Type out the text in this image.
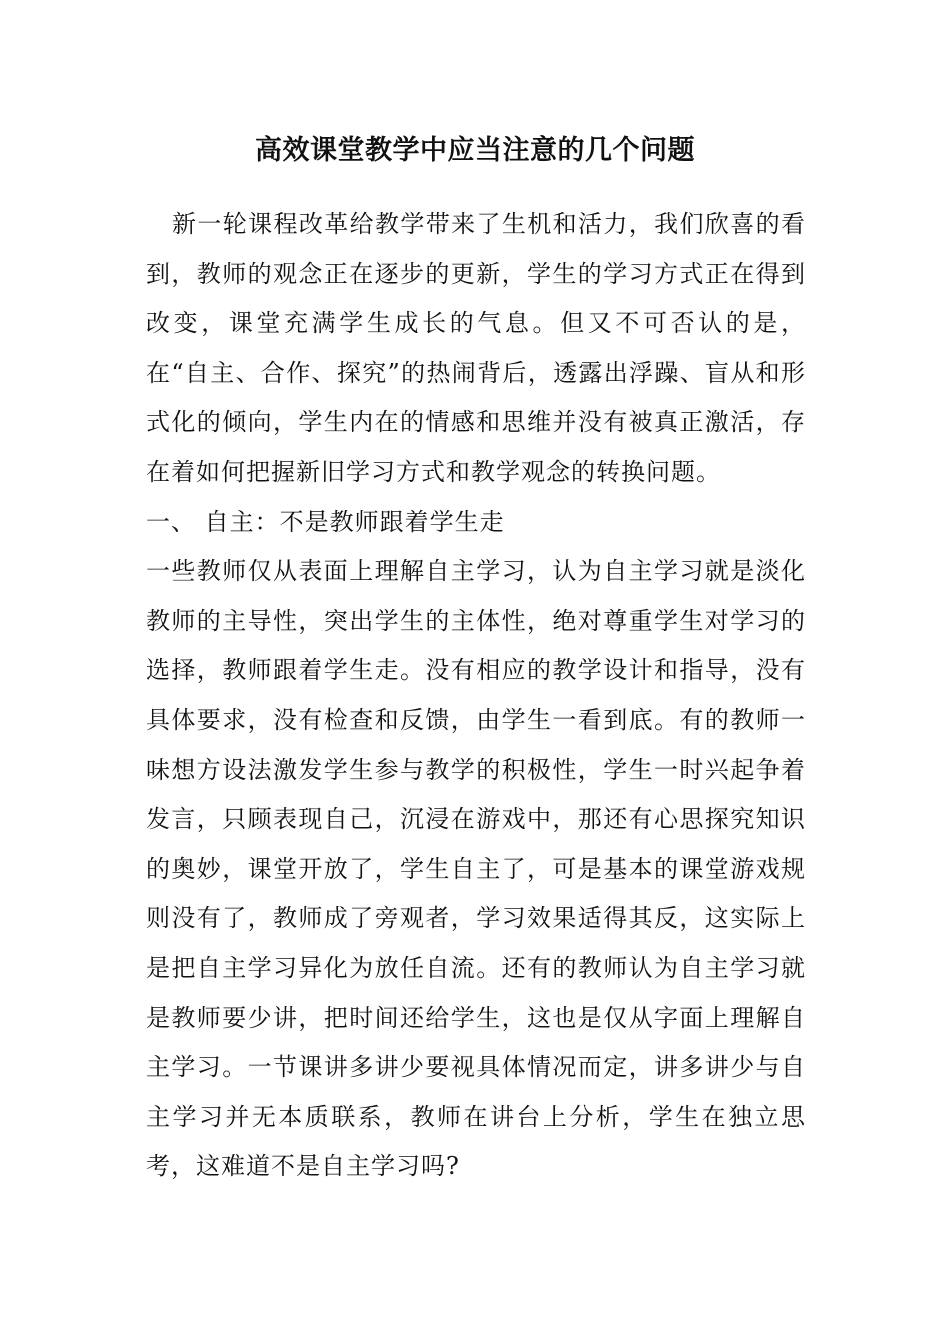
高效课堂教学中应当注意的几个问题

新一轮课程改革给教学带来了生机和活力，我们欣喜的看到，教师的观念正在逐步的更新，学生的学习方式正在得到改变，课堂充满学生成长的气息。但又不可否认的是，在“自主、合作、探究”的热闹背后，透露出浮躁、盲从和形式化的倾向，学生内在的情感和思维并没有被真正激活，存在着如何把握新旧学习方式和教学观念的转换问题。

一、 自主：不是教师跟着学生走

一些教师仅从表面上理解自主学习，认为自主学习就是淡化教师的主导性，突出学生的主体性，绝对尊重学生对学习的选择，教师跟着学生走。没有相应的教学设计和指导，没有具体要求，没有检查和反馈，由学生一看到底。有的教师一味想方设法激发学生参与教学的积极性，学生一时兴起争着发言，只顾表现自己，沉浸在游戏中，那还有心思探究知识的奥妙，课堂开放了，学生自主了，可是基本的课堂游戏规则没有了，教师成了旁观者，学习效果适得其反，这实际上是把自主学习异化为放任自流。还有的教师认为自主学习就是教师要少讲，把时间还给学生，这也是仅从字面上理解自主学习。一节课讲多讲少要视具体情况而定，讲多讲少与自主学习并无本质联系，教师在讲台上分析，学生在独立思考，这难道不是自主学习吗?
